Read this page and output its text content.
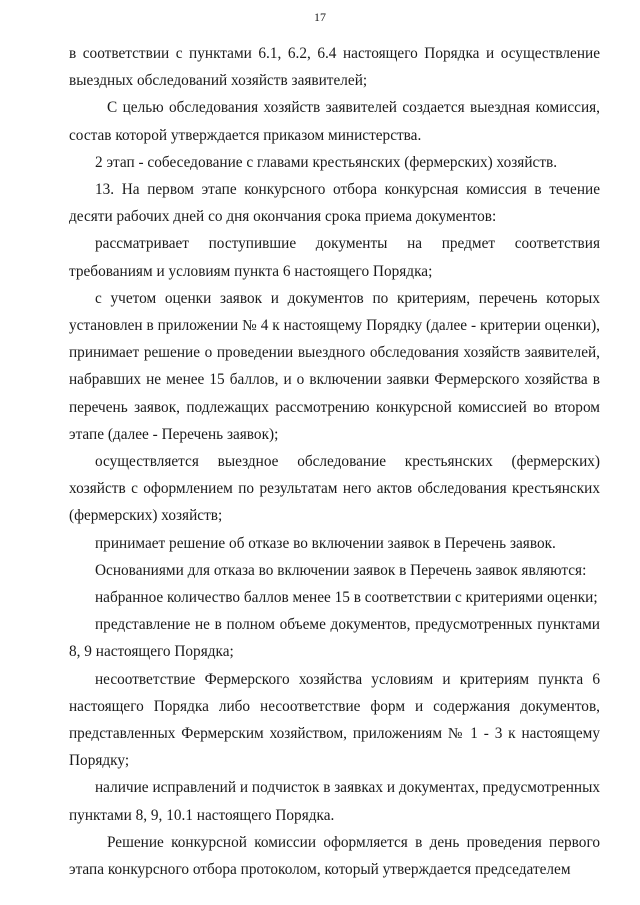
17

в соответствии с пунктами 6.1, 6.2, 6.4 настоящего Порядка и осуществление выездных обследований хозяйств заявителей;

С целью обследования хозяйств заявителей создается выездная комиссия, состав которой утверждается приказом министерства.

2 этап - собеседование с главами крестьянских (фермерских) хозяйств.

13. На первом этапе конкурсного отбора конкурсная комиссия в течение десяти рабочих дней со дня окончания срока приема документов:

рассматривает поступившие документы на предмет соответствия требованиям и условиям пункта 6 настоящего Порядка;

с учетом оценки заявок и документов по критериям, перечень которых установлен в приложении № 4 к настоящему Порядку (далее - критерии оценки), принимает решение о проведении выездного обследования хозяйств заявителей, набравших не менее 15 баллов, и о включении заявки Фермерского хозяйства в перечень заявок, подлежащих рассмотрению конкурсной комиссией во втором этапе (далее - Перечень заявок);

осуществляется выездное обследование крестьянских (фермерских) хозяйств с оформлением по результатам него актов обследования крестьянских (фермерских) хозяйств;

принимает решение об отказе во включении заявок в Перечень заявок.

Основаниями для отказа во включении заявок в Перечень заявок являются:

набранное количество баллов менее 15 в соответствии с критериями оценки;

представление не в полном объеме документов, предусмотренных пунктами 8, 9 настоящего Порядка;

несоответствие Фермерского хозяйства условиям и критериям пункта 6 настоящего Порядка либо несоответствие форм и содержания документов, представленных Фермерским хозяйством, приложениям № 1 - 3 к настоящему Порядку;

наличие исправлений и подчисток в заявках и документах, предусмотренных пунктами 8, 9, 10.1 настоящего Порядка.

Решение конкурсной комиссии оформляется в день проведения первого этапа конкурсного отбора протоколом, который утверждается председателем
